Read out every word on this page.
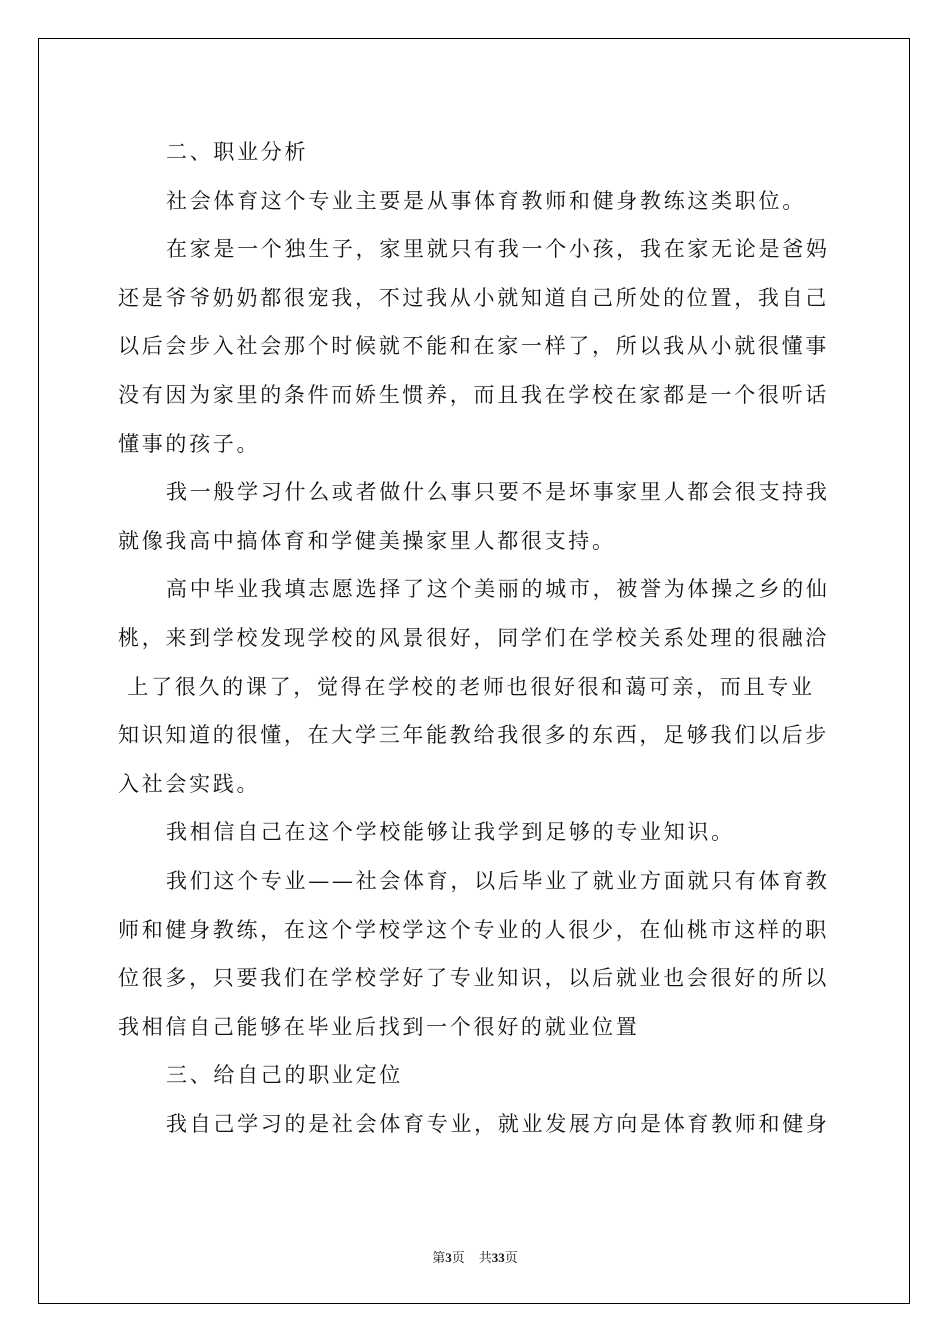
二、职业分析

社会体育这个专业主要是从事体育教师和健身教练这类职位。

在家是一个独生子，家里就只有我一个小孩，我在家无论是爸妈
还是爷爷奶奶都很宠我，不过我从小就知道自己所处的位置，我自己
以后会步入社会那个时候就不能和在家一样了，所以我从小就很懂事
没有因为家里的条件而娇生惯养，而且我在学校在家都是一个很听话
懂事的孩子。

我一般学习什么或者做什么事只要不是坏事家里人都会很支持我
就像我高中搞体育和学健美操家里人都很支持。

高中毕业我填志愿选择了这个美丽的城市，被誉为体操之乡的仙
桃，来到学校发现学校的风景很好，同学们在学校关系处理的很融洽
上了很久的课了，觉得在学校的老师也很好很和蔼可亲，而且专业
知识知道的很懂，在大学三年能教给我很多的东西，足够我们以后步
入社会实践。

我相信自己在这个学校能够让我学到足够的专业知识。

我们这个专业——社会体育，以后毕业了就业方面就只有体育教
师和健身教练，在这个学校学这个专业的人很少，在仙桃市这样的职
位很多，只要我们在学校学好了专业知识，以后就业也会很好的所以
我相信自己能够在毕业后找到一个很好的就业位置

三、给自己的职业定位

我自己学习的是社会体育专业，就业发展方向是体育教师和健身

第3页 共33页
